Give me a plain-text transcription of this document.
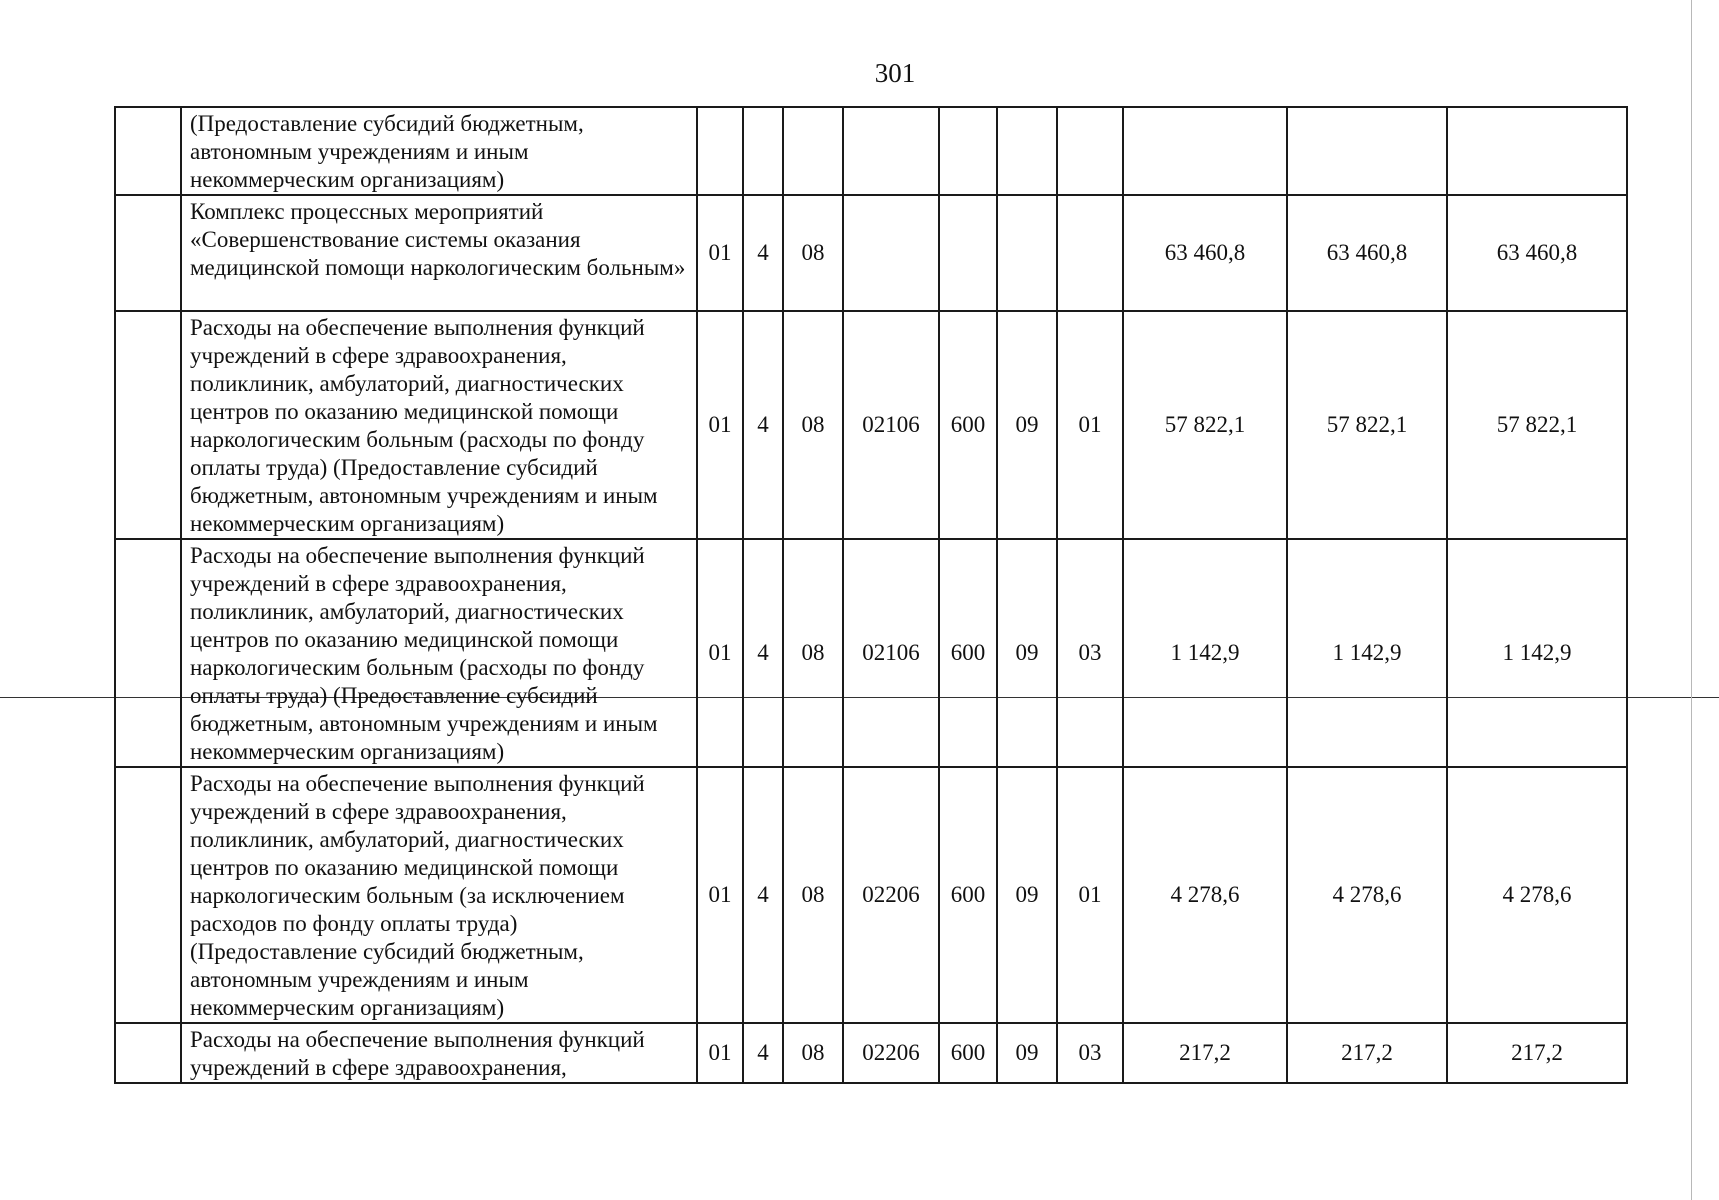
301
	(Предоставление субсидий бюджетным, автономным учреждениям и иным некоммерческим организациям)										
	Комплекс процессных мероприятий «Совершенствование системы оказания медицинской помощи наркологическим больным»	01	4	08					63 460,8	63 460,8	63 460,8
	Расходы на обеспечение выполнения функций учреждений в сфере здравоохранения, поликлиник, амбулаторий, диагностических центров по оказанию медицинской помощи наркологическим больным (расходы по фонду оплаты труда) (Предоставление субсидий бюджетным, автономным учреждениям и иным некоммерческим организациям)	01	4	08	02106	600	09	01	57 822,1	57 822,1	57 822,1
	Расходы на обеспечение выполнения функций учреждений в сфере здравоохранения, поликлиник, амбулаторий, диагностических центров по оказанию медицинской помощи наркологическим больным (расходы по фонду оплаты труда) (Предоставление субсидий бюджетным, автономным учреждениям и иным некоммерческим организациям)	01	4	08	02106	600	09	03	1 142,9	1 142,9	1 142,9
	Расходы на обеспечение выполнения функций учреждений в сфере здравоохранения, поликлиник, амбулаторий, диагностических центров по оказанию медицинской помощи наркологическим больным (за исключением расходов по фонду оплаты труда) (Предоставление субсидий бюджетным, автономным учреждениям и иным некоммерческим организациям)	01	4	08	02206	600	09	01	4 278,6	4 278,6	4 278,6
	Расходы на обеспечение выполнения функций учреждений в сфере здравоохранения,	01	4	08	02206	600	09	03	217,2	217,2	217,2
